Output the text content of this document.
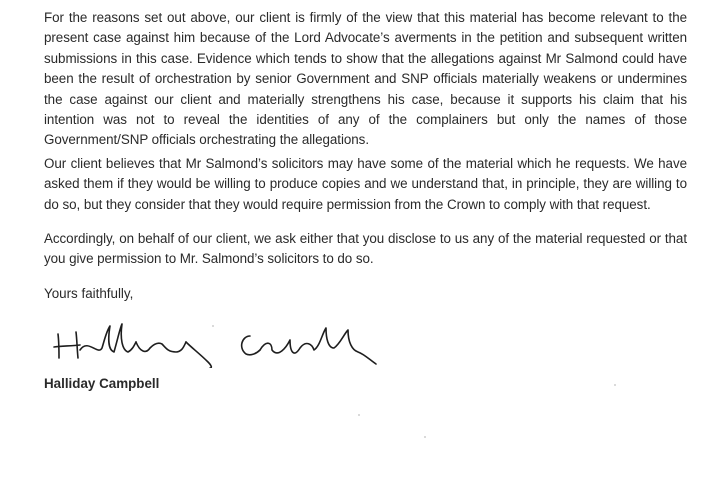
For the reasons set out above, our client is firmly of the view that this material has become relevant to the present case against him because of the Lord Advocate’s averments in the petition and subsequent written submissions in this case. Evidence which tends to show that the allegations against Mr Salmond could have been the result of orchestration by senior Government and SNP officials materially weakens or undermines the case against our client and materially strengthens his case, because it supports his claim that his intention was not to reveal the identities of any of the complainers but only the names of those Government/SNP officials orchestrating the allegations.

Our client believes that Mr Salmond’s solicitors may have some of the material which he requests. We have asked them if they would be willing to produce copies and we understand that, in principle, they are willing to do so, but they consider that they would require permission from the Crown to comply with that request.

Accordingly, on behalf of our client, we ask either that you disclose to us any of the material requested or that you give permission to Mr. Salmond’s solicitors to do so.

Yours faithfully,

Halliday Campbell
